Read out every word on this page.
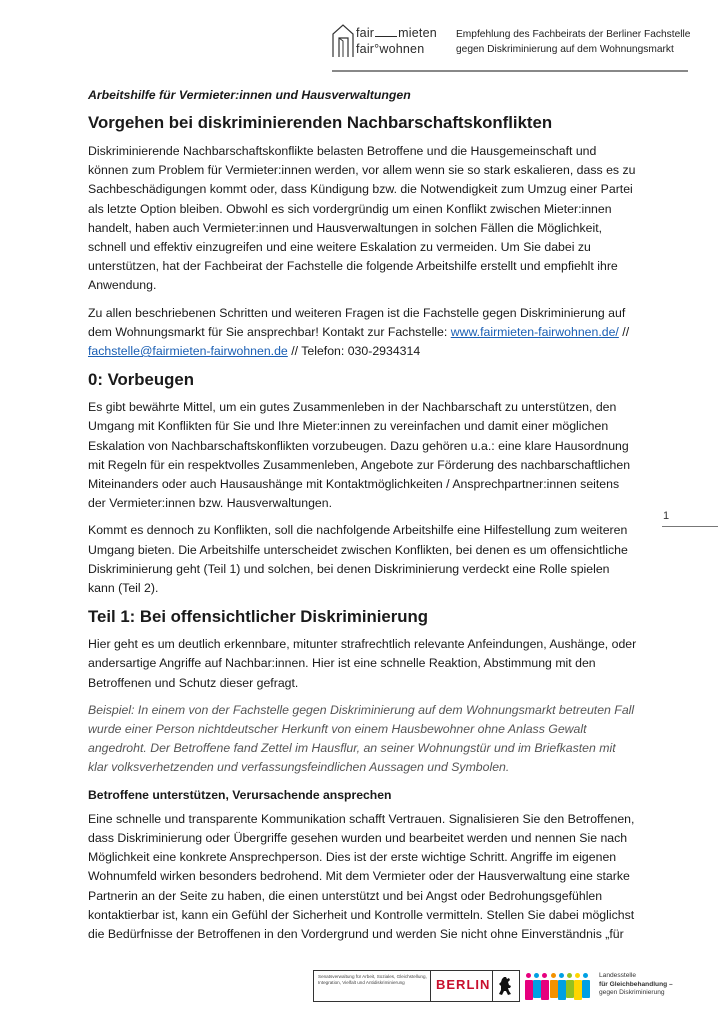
fair mieten
fair°wohnen
Empfehlung des Fachbeirats der Berliner Fachstelle
gegen Diskriminierung auf dem Wohnungsmarkt
Arbeitshilfe für Vermieter:innen und Hausverwaltungen
Vorgehen bei diskriminierenden Nachbarschaftskonflikten

Diskriminierende Nachbarschaftskonflikte belasten Betroffene und die Hausgemeinschaft und können zum Problem für Vermieter:innen werden, vor allem wenn sie so stark eskalieren, dass es zu Sachbeschädigungen kommt oder, dass Kündigung bzw. die Notwendigkeit zum Umzug einer Partei als letzte Option bleiben. Obwohl es sich vordergründig um einen Konflikt zwischen Mieter:innen handelt, haben auch Vermieter:innen und Hausverwaltungen in solchen Fällen die Möglichkeit, schnell und effektiv einzugreifen und eine weitere Eskalation zu vermeiden. Um Sie dabei zu unterstützen, hat der Fachbeirat der Fachstelle die folgende Arbeitshilfe erstellt und empfiehlt ihre Anwendung.

Zu allen beschriebenen Schritten und weiteren Fragen ist die Fachstelle gegen Diskriminierung auf dem Wohnungsmarkt für Sie ansprechbar! Kontakt zur Fachstelle: www.fairmieten-fairwohnen.de/ // fachstelle@fairmieten-fairwohnen.de // Telefon: 030-2934314

0: Vorbeugen

Es gibt bewährte Mittel, um ein gutes Zusammenleben in der Nachbarschaft zu unterstützen, den Umgang mit Konflikten für Sie und Ihre Mieter:innen zu vereinfachen und damit einer möglichen Eskalation von Nachbarschaftskonflikten vorzubeugen. Dazu gehören u.a.: eine klare Hausordnung mit Regeln für ein respektvolles Zusammenleben, Angebote zur Förderung des nachbarschaftlichen Miteinanders oder auch Hausaushänge mit Kontaktmöglichkeiten / Ansprechpartner:innen seitens der Vermieter:innen bzw. Hausverwaltungen.

Kommt es dennoch zu Konflikten, soll die nachfolgende Arbeitshilfe eine Hilfestellung zum weiteren Umgang bieten. Die Arbeitshilfe unterscheidet zwischen Konflikten, bei denen es um offensichtliche Diskriminierung geht (Teil 1) und solchen, bei denen Diskriminierung verdeckt eine Rolle spielen kann (Teil 2).

Teil 1: Bei offensichtlicher Diskriminierung

Hier geht es um deutlich erkennbare, mitunter strafrechtlich relevante Anfeindungen, Aushänge, oder andersartige Angriffe auf Nachbar:innen. Hier ist eine schnelle Reaktion, Abstimmung mit den Betroffenen und Schutz dieser gefragt.

Beispiel: In einem von der Fachstelle gegen Diskriminierung auf dem Wohnungsmarkt betreuten Fall wurde einer Person nichtdeutscher Herkunft von einem Hausbewohner ohne Anlass Gewalt angedroht. Der Betroffene fand Zettel im Hausflur, an seiner Wohnungstür und im Briefkasten mit klar volksverhetzenden und verfassungsfeindlichen Aussagen und Symbolen.

Betroffene unterstützen, Verursachende ansprechen

Eine schnelle und transparente Kommunikation schafft Vertrauen. Signalisieren Sie den Betroffenen, dass Diskriminierung oder Übergriffe gesehen wurden und bearbeitet werden und nennen Sie nach Möglichkeit eine konkrete Ansprechperson. Dies ist der erste wichtige Schritt. Angriffe im eigenen Wohnumfeld wirken besonders bedrohend. Mit dem Vermieter oder der Hausverwaltung eine starke Partnerin an der Seite zu haben, die einen unterstützt und bei Angst oder Bedrohungsgefühlen kontaktierbar ist, kann ein Gefühl der Sicherheit und Kontrolle vermitteln. Stellen Sie dabei möglichst die Bedürfnisse der Betroffenen in den Vordergrund und werden Sie nicht ohne Einverständnis „für

1
Senatsverwaltung für Arbeit, Soziales, Gleichstellung, Integration, Vielfalt und Antidiskriminierung	BERLIN
Landesstelle
für Gleichbehandlung –
gegen Diskriminierung
